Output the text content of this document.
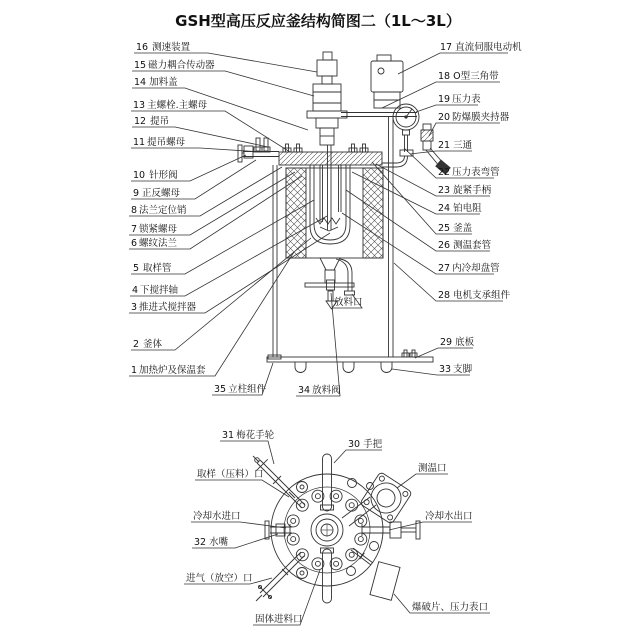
GSH型高压反应釜结构简图二（1L～3L）
16 测速装置
15 磁力耦合传动器
14 加料盖
13 主螺栓.主螺母
12 提吊
11 提吊螺母
10 针形阀
9 正反螺母
8 法兰定位销
7 锁紧螺母
6 螺纹法兰
5 取样管
4 下搅拌轴
3 推进式搅拌器
2 釜体
1 加热炉及保温套
17 直流伺服电动机
18 O型三角带
19 压力表
20 防爆膜夹持器
21 三通
22 压力表弯管
23 旋紧手柄
24 铂电阻
25 釜盖
26 测温套管
27 内冷却盘管
28 电机支承组件
29 底板
33 支脚
35 立柱组件	34 放料阀
放料口
31 梅花手轮
30 手把
取样（压料）口
测温口
冷却水进口	冷却水出口
32 水嘴
进气（放空）口
固体进料口
爆破片、压力表口
